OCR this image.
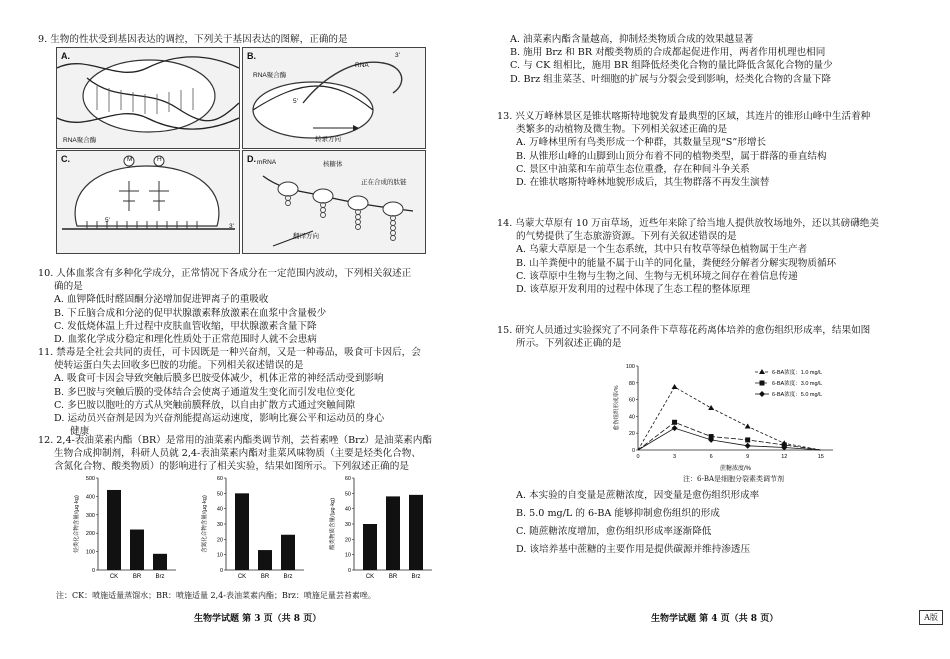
9. 生物的性状受到基因表达的调控，下列关于基因表达的图解，正确的是
A.
RNA聚合酶
B.
RNA聚合酶
RNA
转录方向
3'
5'
C.	M	H
5'
3'
D. mRNA	核糖体
正在合成的肽链
翻译方向
10. 人体血浆含有多种化学成分，正常情况下各成分在一定范围内波动，下列相关叙述正
确的是
A. 血钾降低时醛固酮分泌增加促进钾离子的重吸收
B. 下丘脑合成和分泌的促甲状腺激素释放激素在血浆中含量极少
C. 发低烧体温上升过程中皮肤血管收缩，甲状腺激素含量下降
D. 血浆化学成分稳定和理化性质处于正常范围时人就不会患病
11. 禁毒是全社会共同的责任，可卡因既是一种兴奋剂，又是一种毒品，吸食可卡因后，会
使转运蛋白失去回收多巴胺的功能。下列相关叙述错误的是
A. 吸食可卡因会导致突触后膜多巴胺受体减少，机体正常的神经活动受到影响
B. 多巴胺与突触后膜的受体结合会使离子通道发生变化而引发电位变化
C. 多巴胺以胞吐的方式从突触前膜释放，以自由扩散方式通过突触间隙
D. 运动员兴奋剂是因为兴奋剂能提高运动速度，影响比赛公平和运动员的身心
健康
12. 2,4-表油菜素内酯（BR）是常用的油菜素内酯类调节剂，芸苔素唑（Brz）是油菜素内酯
生物合成抑制剂，科研人员就 2,4-表油菜素内酯对韭菜风味物质（主要是烃类化合物、
含氮化合物、酸类物质）的影响进行了相关实验，结果如图所示。下列叙述正确的是
0
100
200
300
400
500
CK BR Brz
烃类化合物含量/(μg·kg)
0
10
20
30
40
50
60
CK BR Brz
含氮化合物含量/(μg·kg)
0
10
20
30
40
50
60
CK BR Brz
酸类物质含量/(μg·kg)
注：CK：喷施适量蒸馏水；BR：喷施适量 2,4-表油菜素内酯；Brz：喷施足量芸苔素唑。
生物学试题 第 3 页（共 8 页）
A. 油菜素内酯含量越高，抑制烃类物质合成的效果越显著
B. 施用 Brz 和 BR 对酸类物质的合成都起促进作用，两者作用机理也相同
C. 与 CK 组相比，施用 BR 组降低烃类化合物的量比降低含氮化合物的量少
D. Brz 组韭菜茎、叶细胞的扩展与分裂会受到影响，烃类化合物的含量下降
13. 兴义万峰林景区是锥状喀斯特地貌发育最典型的区域，其连片的锥形山峰中生活着种
类繁多的动植物及微生物。下列相关叙述正确的是
A. 万峰林里所有鸟类形成一个种群，其数量呈现“S”形增长
B. 从锥形山峰的山脚到山顶分布着不同的植物类型，属于群落的垂直结构
C. 景区中油菜和车前草生态位重叠，存在种间斗争关系
D. 在锥状喀斯特峰林地貌形成后，其生物群落不再发生演替
14. 乌蒙大草原有 10 万亩草场，近些年来除了给当地人提供放牧场地外，还以其磅礴绝美
的气势提供了生态旅游资源。下列有关叙述错误的是
A. 乌蒙大草原是一个生态系统，其中只有牧草等绿色植物属于生产者
B. 山羊粪便中的能量不属于山羊的同化量，粪便经分解者分解实现物质循环
C. 该草原中生物与生物之间、生物与无机环境之间存在着信息传递
D. 该草原开发利用的过程中体现了生态工程的整体原理
15. 研究人员通过实验探究了不同条件下草莓花药离体培养的愈伤组织形成率，结果如图
所示。下列叙述正确的是
0
20
40
60
80
100
0	3	6	9	12	15
蔗糖浓度/%
愈伤组织形成率/%
6-BA浓度：1.0 mg/L
6-BA浓度：3.0 mg/L
6-BA浓度：5.0 mg/L
注：6-BA是细胞分裂素类调节剂
A. 本实验的自变量是蔗糖浓度，因变量是愈伤组织形成率
B. 5.0 mg/L 的 6-BA 能够抑制愈伤组织的形成
C. 随蔗糖浓度增加，愈伤组织形成率逐渐降低
D. 该培养基中蔗糖的主要作用是提供碳源并维持渗透压
生物学试题 第 4 页（共 8 页）	A版
